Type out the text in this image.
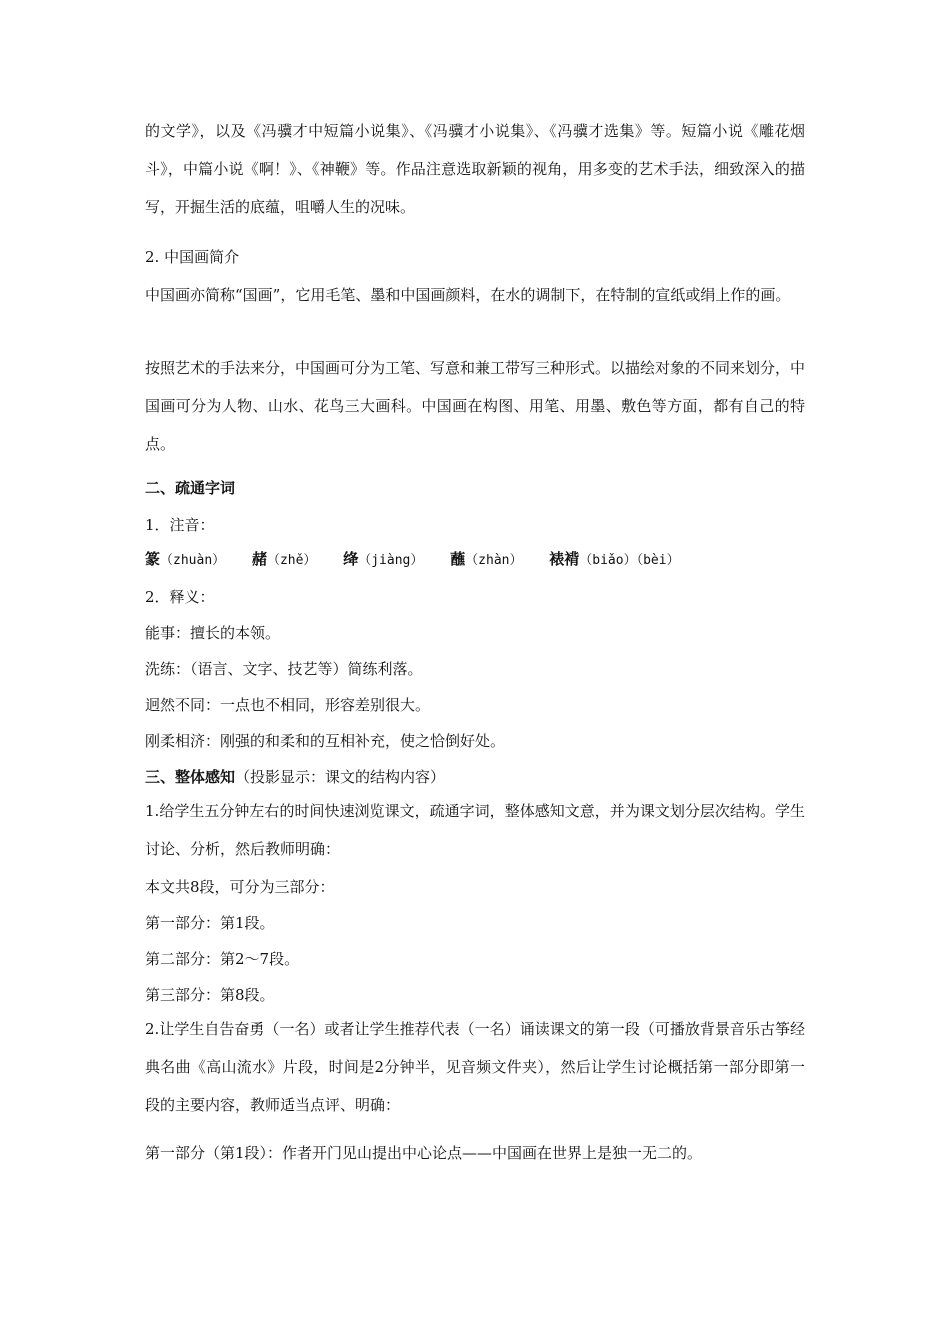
的文学》，以及《冯骥才中短篇小说集》、《冯骥才小说集》、《冯骥才选集》等。短篇小说《雕花烟斗》，中篇小说《啊！》、《神鞭》等。作品注意选取新颖的视角，用多变的艺术手法，细致深入的描写，开掘生活的底蕴，咀嚼人生的况味。

2. 中国画简介

中国画亦简称“国画”，它用毛笔、墨和中国画颜料，在水的调制下，在特制的宣纸或绢上作的画。

按照艺术的手法来分，中国画可分为工笔、写意和兼工带写三种形式。以描绘对象的不同来划分，中国画可分为人物、山水、花鸟三大画科。中国画在构图、用笔、用墨、敷色等方面，都有自己的特点。

二、疏通字词

1．注音：

篆（zhuàn） 赭（zhě） 绛（jiàng） 蘸（zhàn） 裱褙（biǎo）（bèi）

2．释义：

能事：擅长的本领。

洗练：（语言、文字、技艺等）简练利落。

迥然不同：一点也不相同，形容差别很大。

刚柔相济：刚强的和柔和的互相补充，使之恰倒好处。

三、整体感知（投影显示：课文的结构内容）

1.给学生五分钟左右的时间快速浏览课文，疏通字词，整体感知文意，并为课文划分层次结构。学生讨论、分析，然后教师明确：

本文共8段，可分为三部分：

第一部分：第1段。

第二部分：第2～7段。

第三部分：第8段。

2.让学生自告奋勇（一名）或者让学生推荐代表（一名）诵读课文的第一段（可播放背景音乐古筝经典名曲《高山流水》片段，时间是2分钟半，见音频文件夹），然后让学生讨论概括第一部分即第一段的主要内容，教师适当点评、明确：

第一部分（第1段）：作者开门见山提出中心论点——中国画在世界上是独一无二的。
